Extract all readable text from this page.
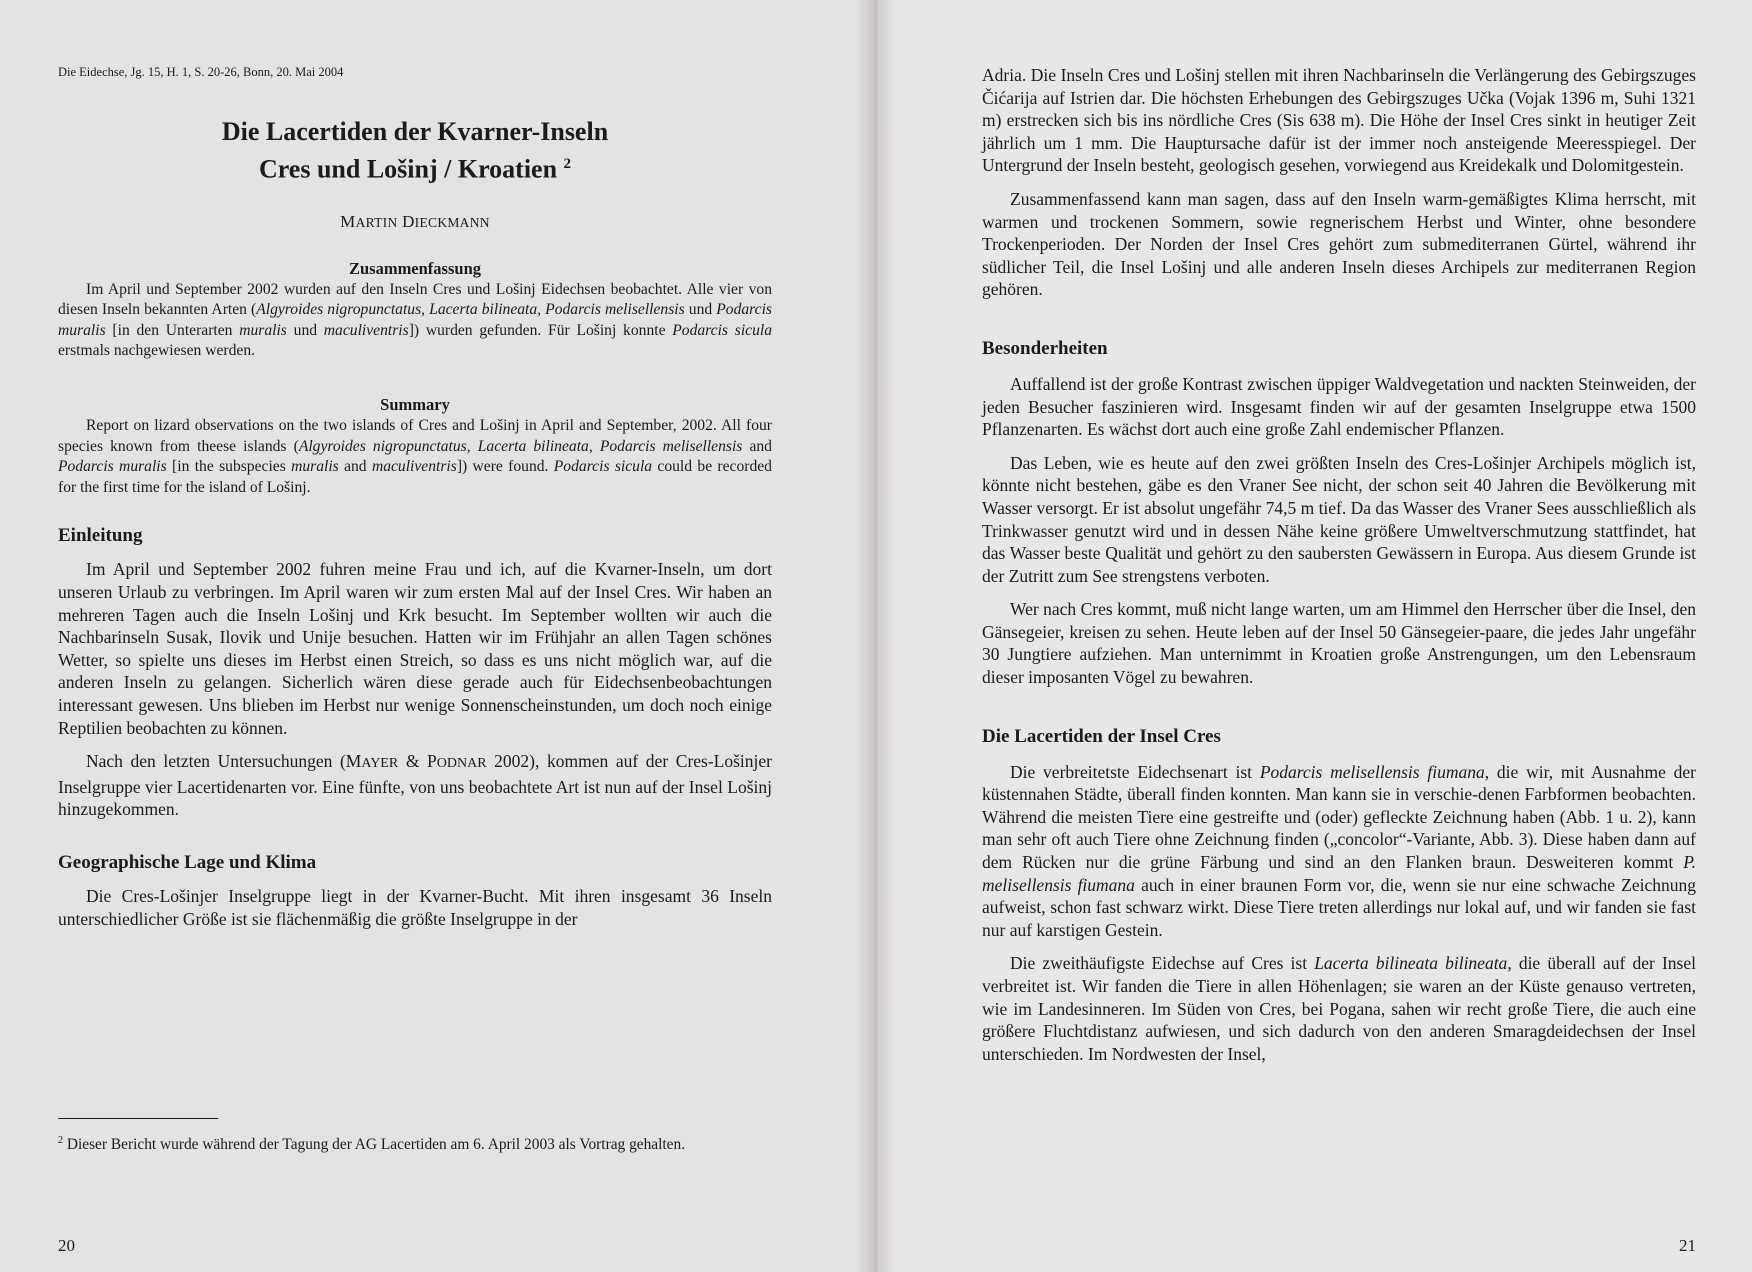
Die Eidechse, Jg. 15, H. 1, S. 20-26, Bonn, 20. Mai 2004
Die Lacertiden der Kvarner-Inseln
Cres und Lošinj / Kroatien $^2$
MARTIN DIECKMANN
Zusammenfassung
Im April und September 2002 wurden auf den Inseln Cres und Lošinj Eidechsen beobachtet. Alle vier von diesen Inseln bekannten Arten (Algyroides nigropunctatus, Lacerta bilineata, Podarcis melisellensis und Podarcis muralis [in den Unterarten muralis und maculiventris]) wurden gefunden. Für Lošinj konnte Podarcis sicula erstmals nachgewiesen werden.
Summary
Report on lizard observations on the two islands of Cres and Lošinj in April and September, 2002. All four species known from theese islands (Algyroides nigropunctatus, Lacerta bilineata, Podarcis melisellensis and Podarcis muralis [in the subspecies muralis and maculiventris]) were found. Podarcis sicula could be recorded for the first time for the island of Lošinj.
Einleitung

Im April und September 2002 fuhren meine Frau und ich, auf die Kvarner-Inseln, um dort unseren Urlaub zu verbringen. Im April waren wir zum ersten Mal auf der Insel Cres. Wir haben an mehreren Tagen auch die Inseln Lošinj und Krk besucht. Im September wollten wir auch die Nachbarinseln Susak, Ilovik und Unije besuchen. Hatten wir im Frühjahr an allen Tagen schönes Wetter, so spielte uns dieses im Herbst einen Streich, so dass es uns nicht möglich war, auf die anderen Inseln zu gelangen. Sicherlich wären diese gerade auch für Eidechsenbeobachtungen interessant gewesen. Uns blieben im Herbst nur wenige Sonnenscheinstunden, um doch noch einige Reptilien beobachten zu können.

Nach den letzten Untersuchungen (MAYER & PODNAR 2002), kommen auf der Cres-Lošinjer Inselgruppe vier Lacertidenarten vor. Eine fünfte, von uns beobachtete Art ist nun auf der Insel Lošinj hinzugekommen.

Geographische Lage und Klima

Die Cres-Lošinjer Inselgruppe liegt in der Kvarner-Bucht. Mit ihren insgesamt 36 Inseln unterschiedlicher Größe ist sie flächenmäßig die größte Inselgruppe in der

$^2$ Dieser Bericht wurde während der Tagung der AG Lacertiden am 6. April 2003 als Vortrag gehalten.
20

Adria. Die Inseln Cres und Lošinj stellen mit ihren Nachbarinseln die Verlängerung des Gebirgszuges Čićarija auf Istrien dar. Die höchsten Erhebungen des Gebirgszuges Učka (Vojak 1396 m, Suhi 1321 m) erstrecken sich bis ins nördliche Cres (Sis 638 m). Die Höhe der Insel Cres sinkt in heutiger Zeit jährlich um 1 mm. Die Hauptursache dafür ist der immer noch ansteigende Meeresspiegel. Der Untergrund der Inseln besteht, geologisch gesehen, vorwiegend aus Kreidekalk und Dolomitgestein.

Zusammenfassend kann man sagen, dass auf den Inseln warm-gemäßigtes Klima herrscht, mit warmen und trockenen Sommern, sowie regnerischem Herbst und Winter, ohne besondere Trockenperioden. Der Norden der Insel Cres gehört zum submediterranen Gürtel, während ihr südlicher Teil, die Insel Lošinj und alle anderen Inseln dieses Archipels zur mediterranen Region gehören.

Besonderheiten

Auffallend ist der große Kontrast zwischen üppiger Waldvegetation und nackten Steinweiden, der jeden Besucher faszinieren wird. Insgesamt finden wir auf der gesamten Inselgruppe etwa 1500 Pflanzenarten. Es wächst dort auch eine große Zahl endemischer Pflanzen.

Das Leben, wie es heute auf den zwei größten Inseln des Cres-Lošinjer Archipels möglich ist, könnte nicht bestehen, gäbe es den Vraner See nicht, der schon seit 40 Jahren die Bevölkerung mit Wasser versorgt. Er ist absolut ungefähr 74,5 m tief. Da das Wasser des Vraner Sees ausschließlich als Trinkwasser genutzt wird und in dessen Nähe keine größere Umweltverschmutzung stattfindet, hat das Wasser beste Qualität und gehört zu den saubersten Gewässern in Europa. Aus diesem Grunde ist der Zutritt zum See strengstens verboten.

Wer nach Cres kommt, muß nicht lange warten, um am Himmel den Herrscher über die Insel, den Gänsegeier, kreisen zu sehen. Heute leben auf der Insel 50 Gänsegeier-paare, die jedes Jahr ungefähr 30 Jungtiere aufziehen. Man unternimmt in Kroatien große Anstrengungen, um den Lebensraum dieser imposanten Vögel zu bewahren.

Die Lacertiden der Insel Cres

Die verbreitetste Eidechsenart ist Podarcis melisellensis fiumana, die wir, mit Ausnahme der küstennahen Städte, überall finden konnten. Man kann sie in verschie-denen Farbformen beobachten. Während die meisten Tiere eine gestreifte und (oder) gefleckte Zeichnung haben (Abb. 1 u. 2), kann man sehr oft auch Tiere ohne Zeichnung finden („concolor“-Variante, Abb. 3). Diese haben dann auf dem Rücken nur die grüne Färbung und sind an den Flanken braun. Desweiteren kommt P. melisellensis fiumana auch in einer braunen Form vor, die, wenn sie nur eine schwache Zeichnung aufweist, schon fast schwarz wirkt. Diese Tiere treten allerdings nur lokal auf, und wir fanden sie fast nur auf karstigen Gestein.

Die zweithäufigste Eidechse auf Cres ist Lacerta bilineata bilineata, die überall auf der Insel verbreitet ist. Wir fanden die Tiere in allen Höhenlagen; sie waren an der Küste genauso vertreten, wie im Landesinneren. Im Süden von Cres, bei Pogana, sahen wir recht große Tiere, die auch eine größere Fluchtdistanz aufwiesen, und sich dadurch von den anderen Smaragdeidechsen der Insel unterschieden. Im Nordwesten der Insel,

21
